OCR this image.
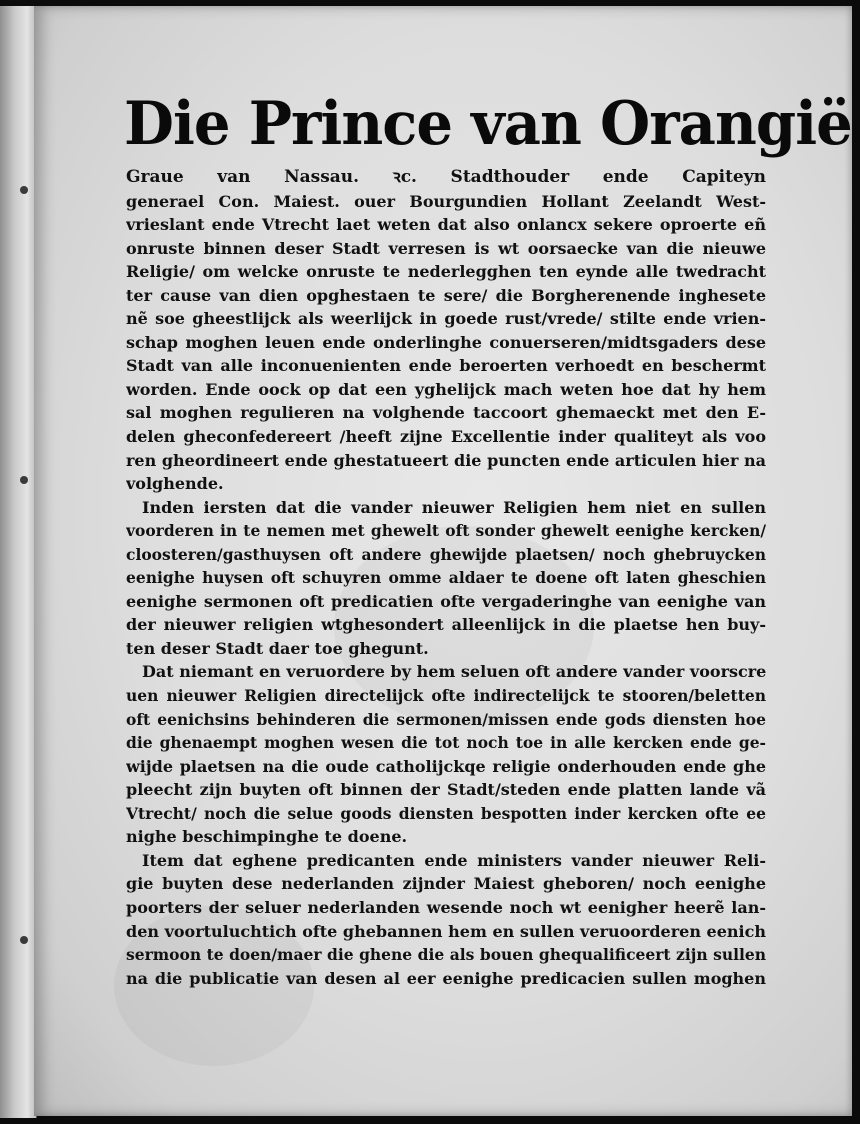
Die Prince van Orangië
Graue van Nassau. ꝛc. Stadthouder ende Capiteyn
generael Con. Maiest. ouer Bourgundien Hollant Zeelandt West-
vrieslant ende Vtrecht laet weten dat also onlancx sekere oproerte eñ
onruste binnen deser Stadt verresen is wt oorsaecke van die nieuwe
Religie/ om welcke onruste te nederlegghen ten eynde alle twedracht
ter cause van dien opghestaen te sere/ die Borgherenende inghesete
nẽ soe gheestlijck als weerlijck in goede rust/vrede/ stilte ende vrien-
schap moghen leuen ende onderlinghe conuerseren/midtsgaders dese
Stadt van alle inconuenienten ende beroerten verhoedt en beschermt
worden. Ende oock op dat een yghelijck mach weten hoe dat hy hem
sal moghen regulieren na volghende taccoort ghemaeckt met den E-
delen gheconfedereert /heeft zijne Excellentie inder qualiteyt als voo
ren gheordineert ende ghestatueert die puncten ende articulen hier na
volghende.
Inden iersten dat die vander nieuwer Religien hem niet en sullen
voorderen in te nemen met ghewelt oft sonder ghewelt eenighe kercken/
cloosteren/gasthuysen oft andere ghewijde plaetsen/ noch ghebruycken
eenighe huysen oft schuyren omme aldaer te doene oft laten gheschien
eenighe sermonen oft predicatien ofte vergaderinghe van eenighe van
der nieuwer religien wtghesondert alleenlijck in die plaetse hen buy-
ten deser Stadt daer toe ghegunt.
Dat niemant en veruordere by hem seluen oft andere vander voorscre
uen nieuwer Religien directelijck ofte indirectelijck te stooren/beletten
oft eenichsins behinderen die sermonen/missen ende gods diensten hoe
die ghenaempt moghen wesen die tot noch toe in alle kercken ende ge-
wijde plaetsen na die oude catholijckqe religie onderhouden ende ghe
pleecht zijn buyten oft binnen der Stadt/steden ende platten lande vã
Vtrecht/ noch die selue goods diensten bespotten inder kercken ofte ee
nighe beschimpinghe te doene.
Item dat eghene predicanten ende ministers vander nieuwer Reli-
gie buyten dese nederlanden zijnder Maiest gheboren/ noch eenighe
poorters der seluer nederlanden wesende noch wt eenigher heerẽ lan-
den voortuluchtich ofte ghebannen hem en sullen veruoorderen eenich
sermoon te doen/maer die ghene die als bouen ghequalificeert zijn sullen
na die publicatie van desen al eer eenighe predicacien sullen moghen
